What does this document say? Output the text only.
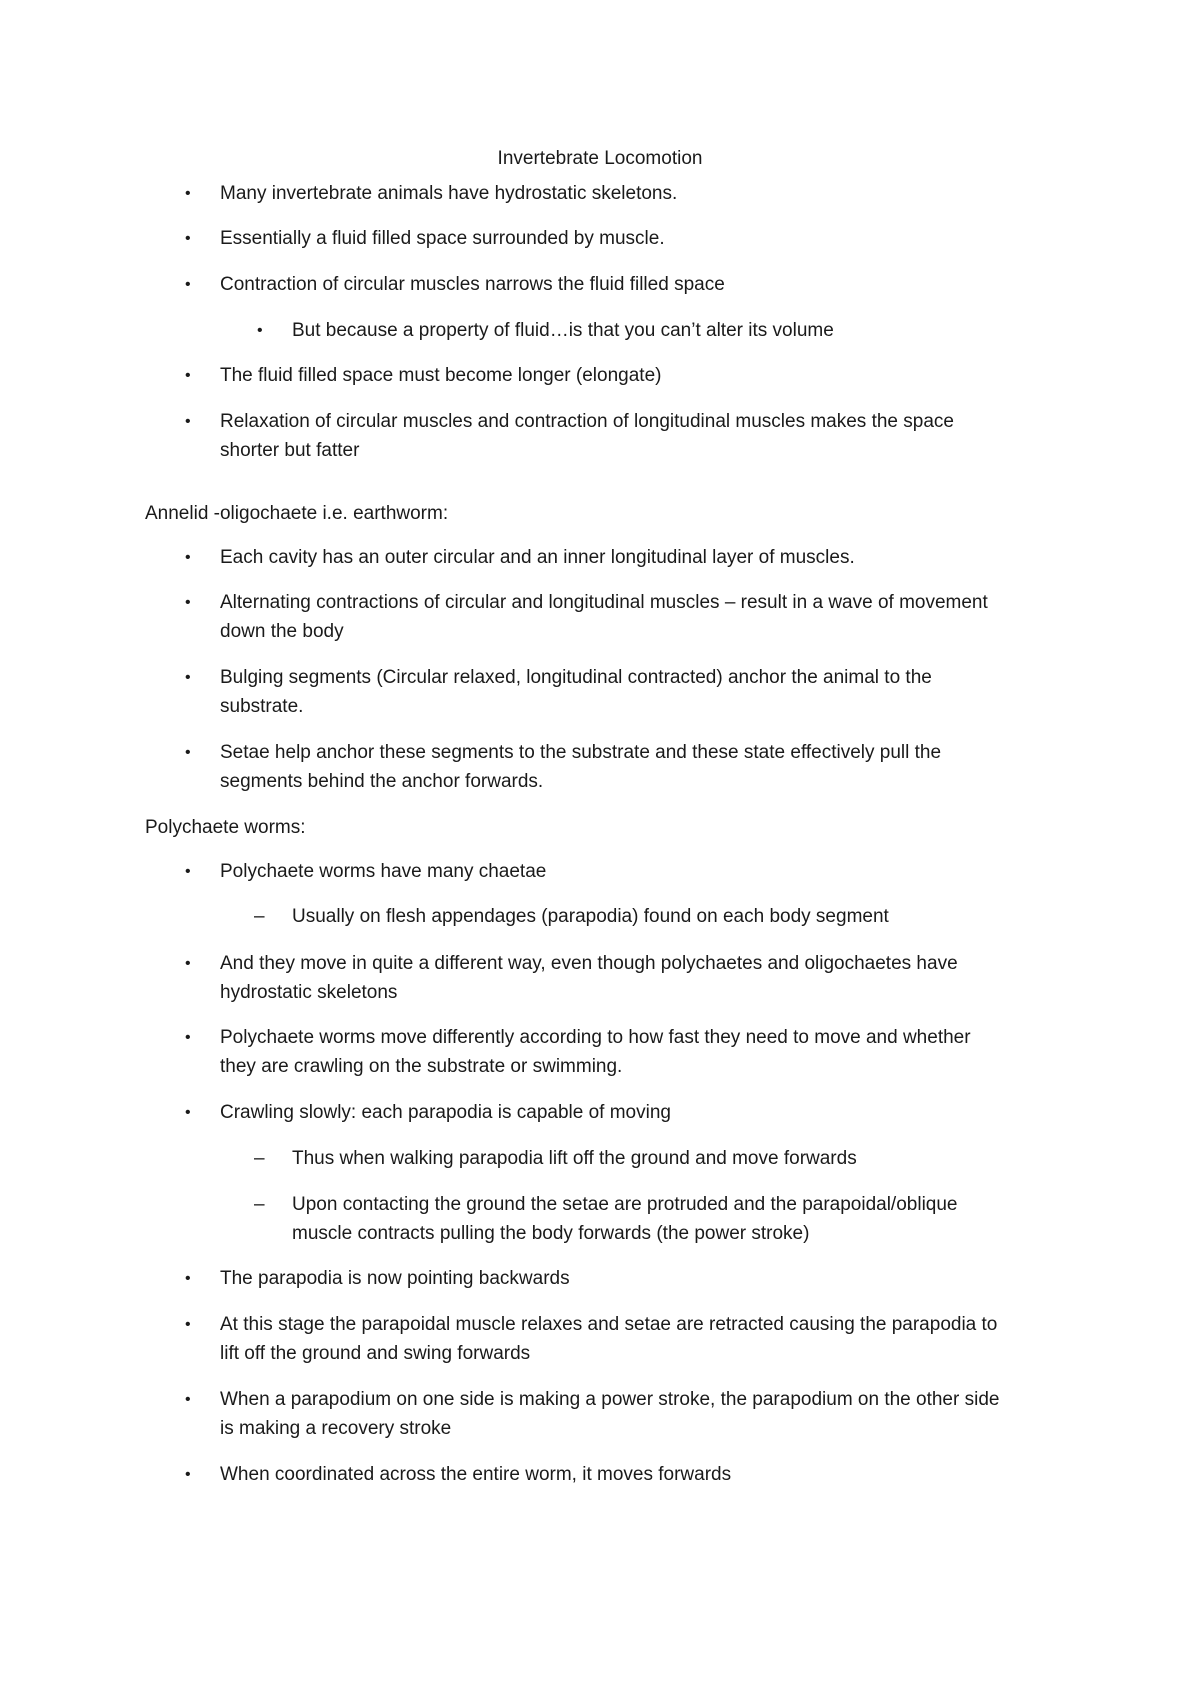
Invertebrate Locomotion
• Many invertebrate animals have hydrostatic skeletons.
• Essentially a fluid filled space surrounded by muscle.
• Contraction of circular muscles narrows the fluid filled space
• But because a property of fluid…is that you can’t alter its volume
• The fluid filled space must become longer (elongate)
• Relaxation of circular muscles and contraction of longitudinal muscles makes the space
shorter but fatter
Annelid -oligochaete i.e. earthworm:
• Each cavity has an outer circular and an inner longitudinal layer of muscles.
• Alternating contractions of circular and longitudinal muscles – result in a wave of movement
down the body
• Bulging segments (Circular relaxed, longitudinal contracted) anchor the animal to the
substrate.
• Setae help anchor these segments to the substrate and these state effectively pull the
segments behind the anchor forwards.
Polychaete worms:
• Polychaete worms have many chaetae
– Usually on flesh appendages (parapodia) found on each body segment
• And they move in quite a different way, even though polychaetes and oligochaetes have
hydrostatic skeletons
• Polychaete worms move differently according to how fast they need to move and whether
they are crawling on the substrate or swimming.
• Crawling slowly: each parapodia is capable of moving
– Thus when walking parapodia lift off the ground and move forwards
– Upon contacting the ground the setae are protruded and the parapoidal/oblique
muscle contracts pulling the body forwards (the power stroke)
• The parapodia is now pointing backwards
• At this stage the parapoidal muscle relaxes and setae are retracted causing the parapodia to
lift off the ground and swing forwards
• When a parapodium on one side is making a power stroke, the parapodium on the other side
is making a recovery stroke
• When coordinated across the entire worm, it moves forwards
